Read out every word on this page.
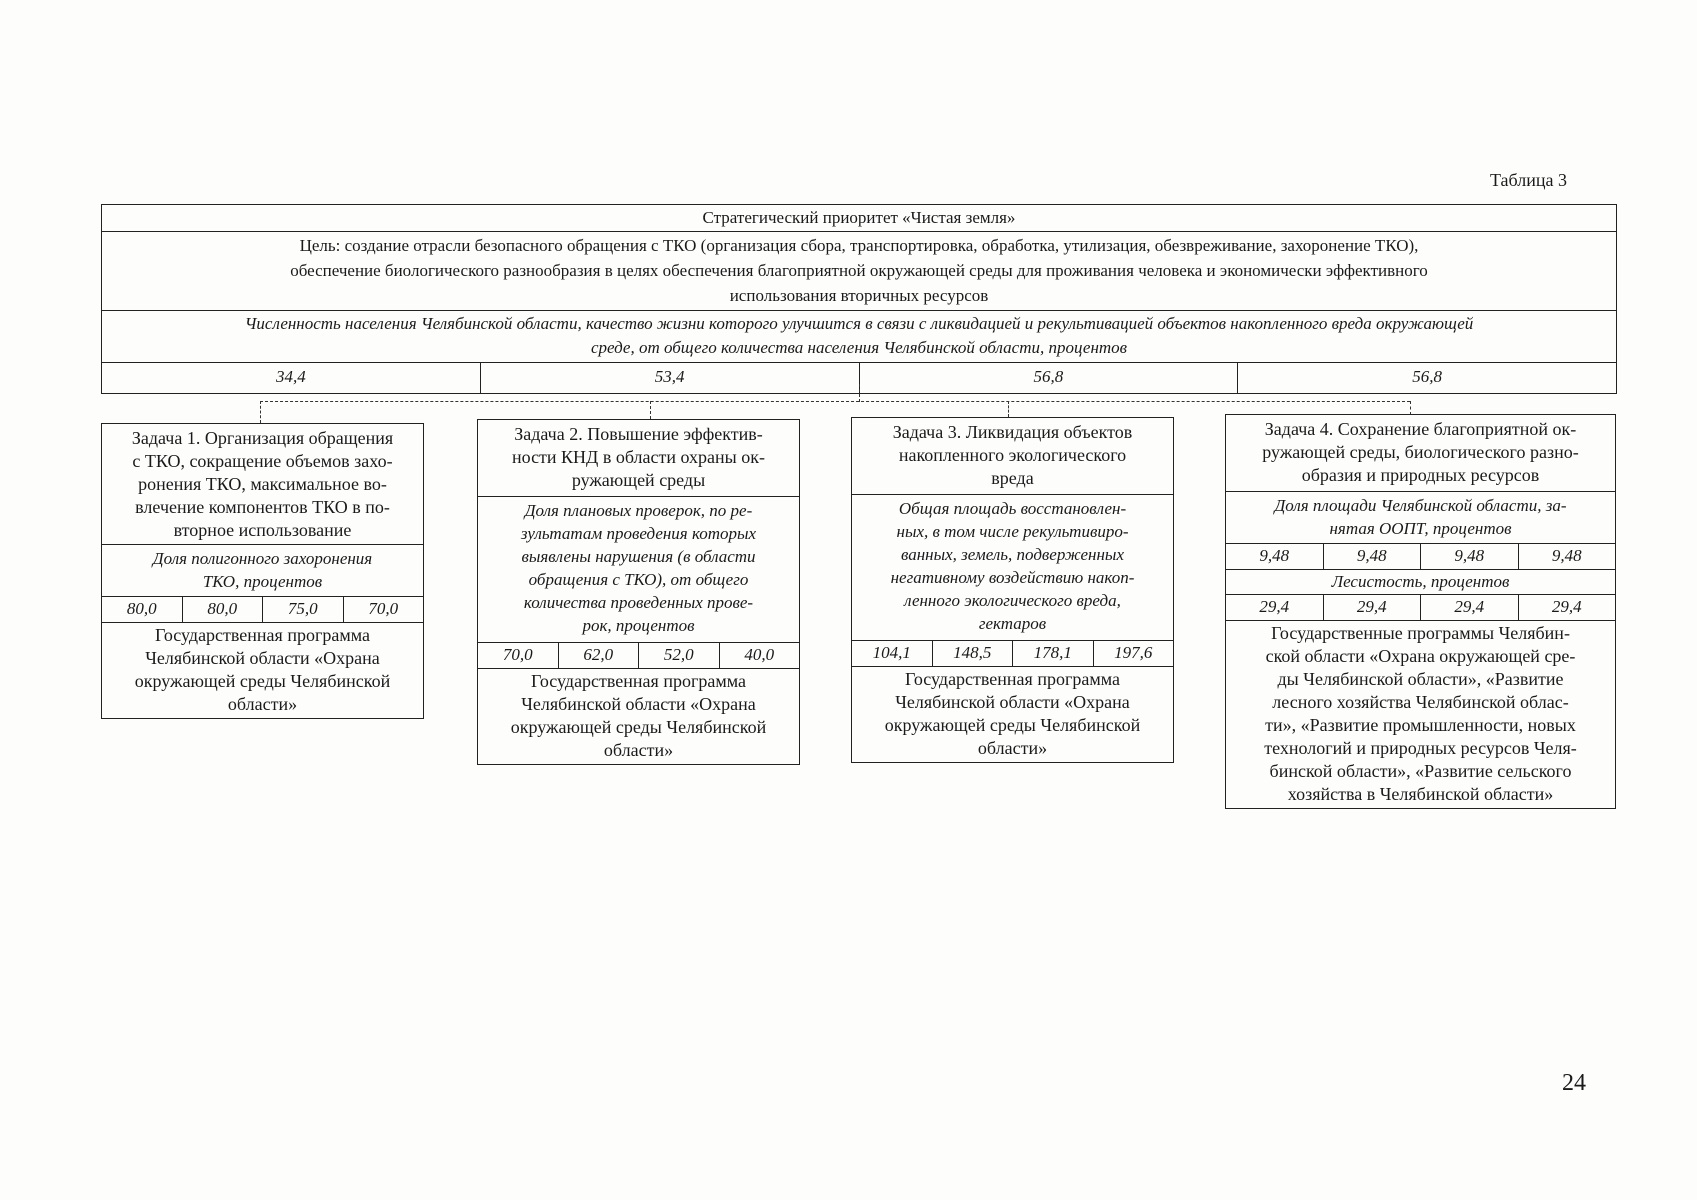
Таблица 3
Стратегический приоритет «Чистая земля»
Цель: создание отрасли безопасного обращения с ТКО (организация сбора, транспортировка, обработка, утилизация, обезвреживание, захоронение ТКО),
обеспечение биологического разнообразия в целях обеспечения благоприятной окружающей среды для проживания человека и экономически эффективного
использования вторичных ресурсов
Численность населения Челябинской области, качество жизни которого улучшится в связи с ликвидацией и рекультивацией объектов накопленного вреда окружающей
среде, от общего количества населения Челябинской области, процентов
34,4	53,4	56,8	56,8
Задача 1. Организация обращения
с ТКО, сокращение объемов захо-
ронения ТКО, максимальное во-
влечение компонентов ТКО в по-
вторное использование
Доля полигонного захоронения
ТКО, процентов
80,0	80,0	75,0	70,0
Государственная программа
Челябинской области «Охрана
окружающей среды Челябинской
области»
Задача 2. Повышение эффектив-
ности КНД в области охраны ок-
ружающей среды
Доля плановых проверок, по ре-
зультатам проведения которых
выявлены нарушения (в области
обращения с ТКО), от общего
количества проведенных прове-
рок, процентов
70,0	62,0	52,0	40,0
Государственная программа
Челябинской области «Охрана
окружающей среды Челябинской
области»
Задача 3. Ликвидация объектов
накопленного экологического
вреда
Общая площадь восстановлен-
ных, в том числе рекультивиро-
ванных, земель, подверженных
негативному воздействию накоп-
ленного экологического вреда,
гектаров
104,1	148,5	178,1	197,6
Государственная программа
Челябинской области «Охрана
окружающей среды Челябинской
области»
Задача 4. Сохранение благоприятной ок-
ружающей среды, биологического разно-
образия и природных ресурсов
Доля площади Челябинской области, за-
нятая ООПТ, процентов
9,48	9,48	9,48	9,48
Лесистость, процентов
29,4	29,4	29,4	29,4
Государственные программы Челябин-
ской области «Охрана окружающей сре-
ды Челябинской области», «Развитие
лесного хозяйства Челябинской облас-
ти», «Развитие промышленности, новых
технологий и природных ресурсов Челя-
бинской области», «Развитие сельского
хозяйства в Челябинской области»
24
